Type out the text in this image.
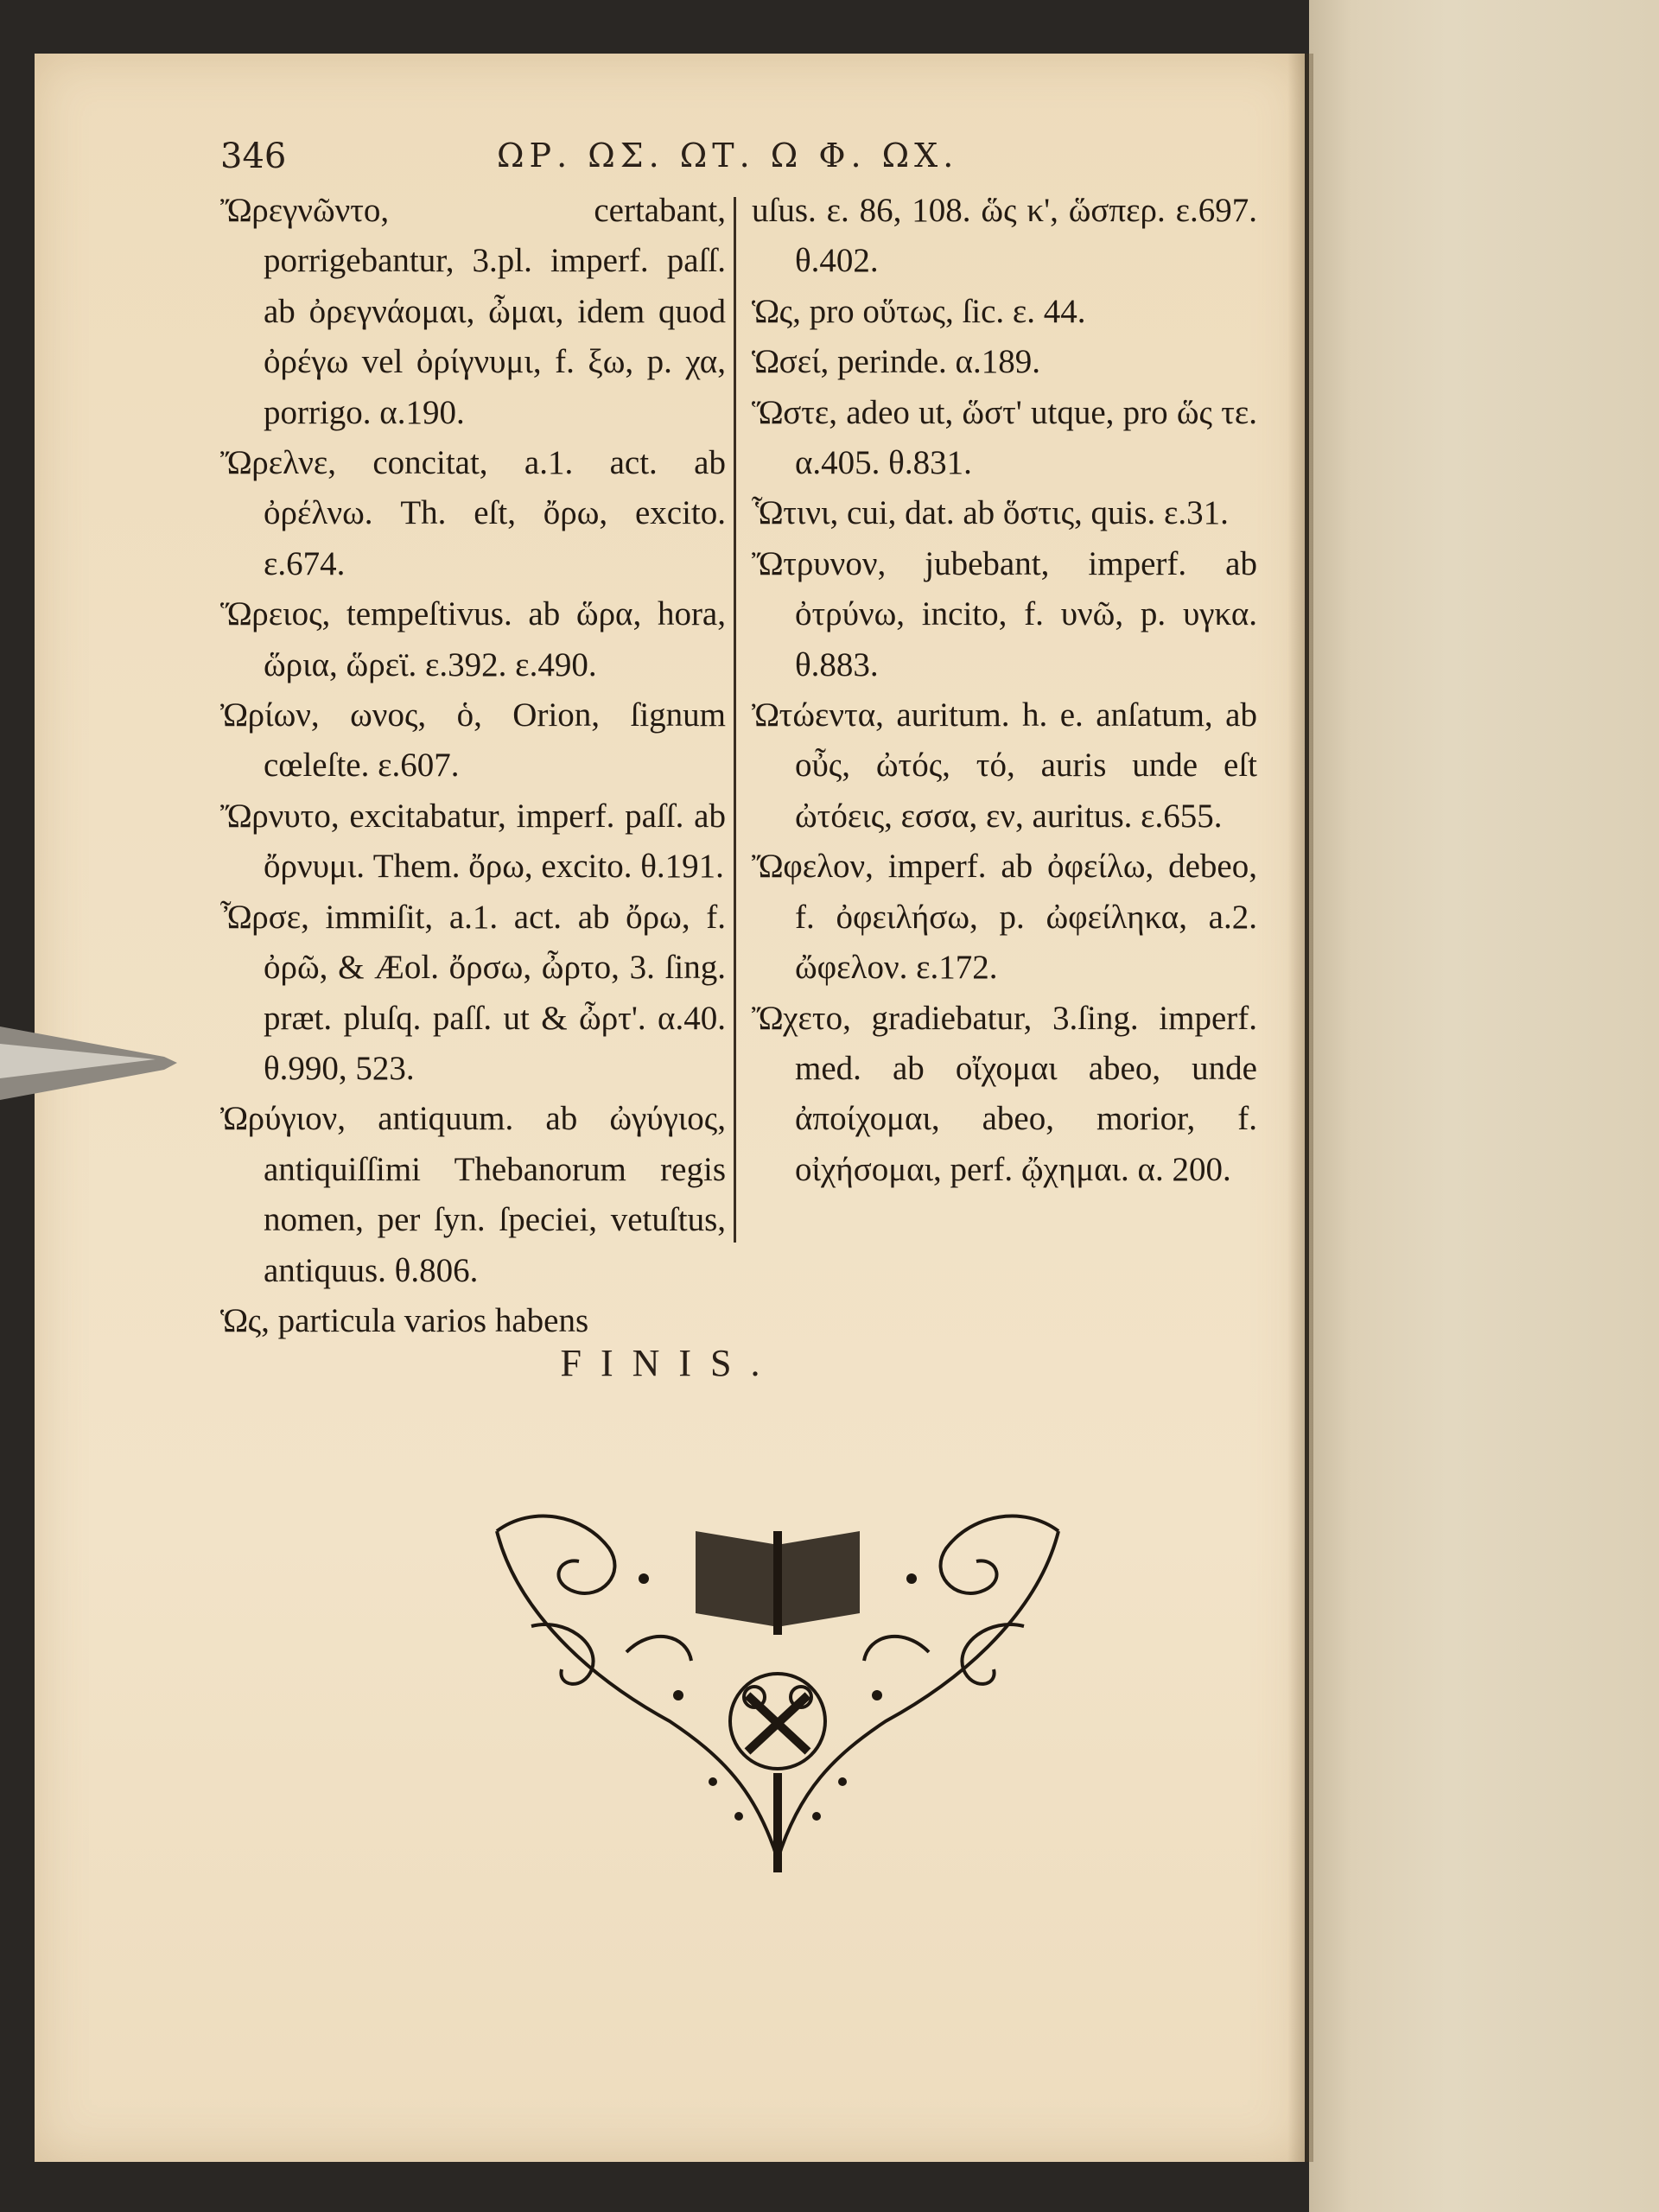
346	ΩΡ. ΩΣ. ΩΤ. Ω Φ. ΩΧ.

Ὤρεγνῶντο, certabant, porrigebantur, 3.pl. imperf. paſſ. ab ὀρεγνάομαι, ὦμαι, idem quod ὀρέγω vel ὀρίγνυμι, f. ξω, p. χα, porrigo. α.190.

Ὤρελνε, concitat, a.1. act. ab ὀρέλνω. Th. eſt, ὄρω, excito. ε.674.

Ὥρειος, tempeſtivus. ab ὥρα, hora, ὥρια, ὥρεϊ. ε.392. ε.490.

Ὠρίων, ωνος, ὁ, Orion, ſignum cœleſte. ε.607.

Ὤρνυτο, excitabatur, imperf. paſſ. ab ὄρνυμι. Them. ὄρω, excito. θ.191.

Ὦρσε, immiſit, a.1. act. ab ὄρω, f. ὀρῶ, & Æol. ὄρσω, ὦρτο, 3. ſing. præt. pluſq. paſſ. ut & ὦρτ'. α.40. θ.990, 523.

Ὠρύγιον, antiquum. ab ὠγύγιος, antiquiſſimi Thebanorum regis nomen, per ſyn. ſpeciei, vetuſtus, antiquus. θ.806.

Ὡς, particula varios habens

uſus. ε. 86, 108. ὥς κ', ὥσπερ. ε.697. θ.402.

Ὡς, pro οὕτως, ſic. ε. 44.

Ὡσεί, perinde. α.189.

Ὥστε, adeo ut, ὥστ' utque, pro ὥς τε. α.405. θ.831.

Ὧτινι, cui, dat. ab ὅστις, quis. ε.31.

Ὤτρυνον, jubebant, imperf. ab ὀτρύνω, incito, f. υνῶ, p. υγκα. θ.883.

Ὠτώεντα, auritum. h. e. anſatum, ab οὖς, ὠτός, τό, auris unde eſt ὠτόεις, εσσα, εν, auritus. ε.655.

Ὤφελον, imperf. ab ὀφείλω, debeo, f. ὀφειλήσω, p. ὠφείληκα, a.2. ὤφελον. ε.172.

Ὤχετο, gradiebatur, 3.ſing. imperf. med. ab οἴχομαι abeo, unde ἀποίχομαι, abeo, morior, f. οἰχήσομαι, perf. ᾤχημαι. α. 200.

FINIS.
